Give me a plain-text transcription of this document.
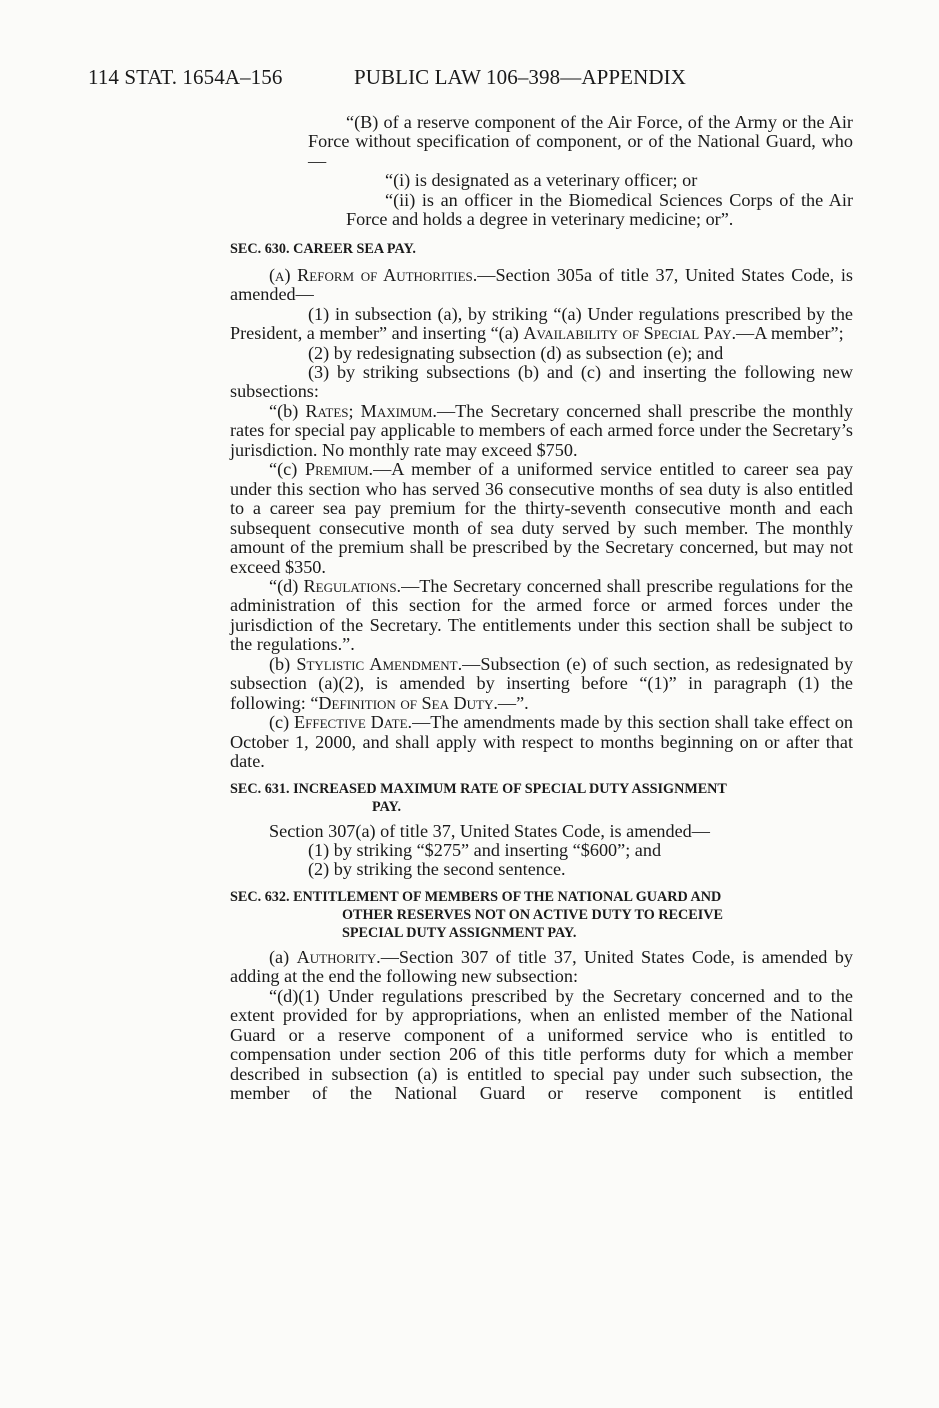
114 STAT. 1654A–156	PUBLIC LAW 106–398—APPENDIX

“(B) of a reserve component of the Air Force, of the Army or the Air Force without specification of component, or of the National Guard, who—

“(i) is designated as a veterinary officer; or

“(ii) is an officer in the Biomedical Sciences Corps of the Air Force and holds a degree in veterinary medicine; or”.

SEC. 630. CAREER SEA PAY.

(a) Reform of Authorities.—Section 305a of title 37, United States Code, is amended—

(1) in subsection (a), by striking “(a) Under regulations prescribed by the President, a member” and inserting “(a) Availability of Special Pay.—A member”;

(2) by redesignating subsection (d) as subsection (e); and

(3) by striking subsections (b) and (c) and inserting the following new subsections:

“(b) Rates; Maximum.—The Secretary concerned shall prescribe the monthly rates for special pay applicable to members of each armed force under the Secretary’s jurisdiction. No monthly rate may exceed $750.

“(c) Premium.—A member of a uniformed service entitled to career sea pay under this section who has served 36 consecutive months of sea duty is also entitled to a career sea pay premium for the thirty-seventh consecutive month and each subsequent consecutive month of sea duty served by such member. The monthly amount of the premium shall be prescribed by the Secretary concerned, but may not exceed $350.

“(d) Regulations.—The Secretary concerned shall prescribe regulations for the administration of this section for the armed force or armed forces under the jurisdiction of the Secretary. The entitlements under this section shall be subject to the regulations.”.

(b) Stylistic Amendment.—Subsection (e) of such section, as redesignated by subsection (a)(2), is amended by inserting before “(1)” in paragraph (1) the following: “Definition of Sea Duty.—”.

(c) Effective Date.—The amendments made by this section shall take effect on October 1, 2000, and shall apply with respect to months beginning on or after that date.

SEC. 631. INCREASED MAXIMUM RATE OF SPECIAL DUTY ASSIGNMENT
PAY.

Section 307(a) of title 37, United States Code, is amended—

(1) by striking “$275” and inserting “$600”; and

(2) by striking the second sentence.

SEC. 632. ENTITLEMENT OF MEMBERS OF THE NATIONAL GUARD AND
OTHER RESERVES NOT ON ACTIVE DUTY TO RECEIVE
SPECIAL DUTY ASSIGNMENT PAY.

(a) Authority.—Section 307 of title 37, United States Code, is amended by adding at the end the following new subsection:

“(d)(1) Under regulations prescribed by the Secretary concerned and to the extent provided for by appropriations, when an enlisted member of the National Guard or a reserve component of a uniformed service who is entitled to compensation under section 206 of this title performs duty for which a member described in subsection (a) is entitled to special pay under such subsection, the member of the National Guard or reserve component is entitled
